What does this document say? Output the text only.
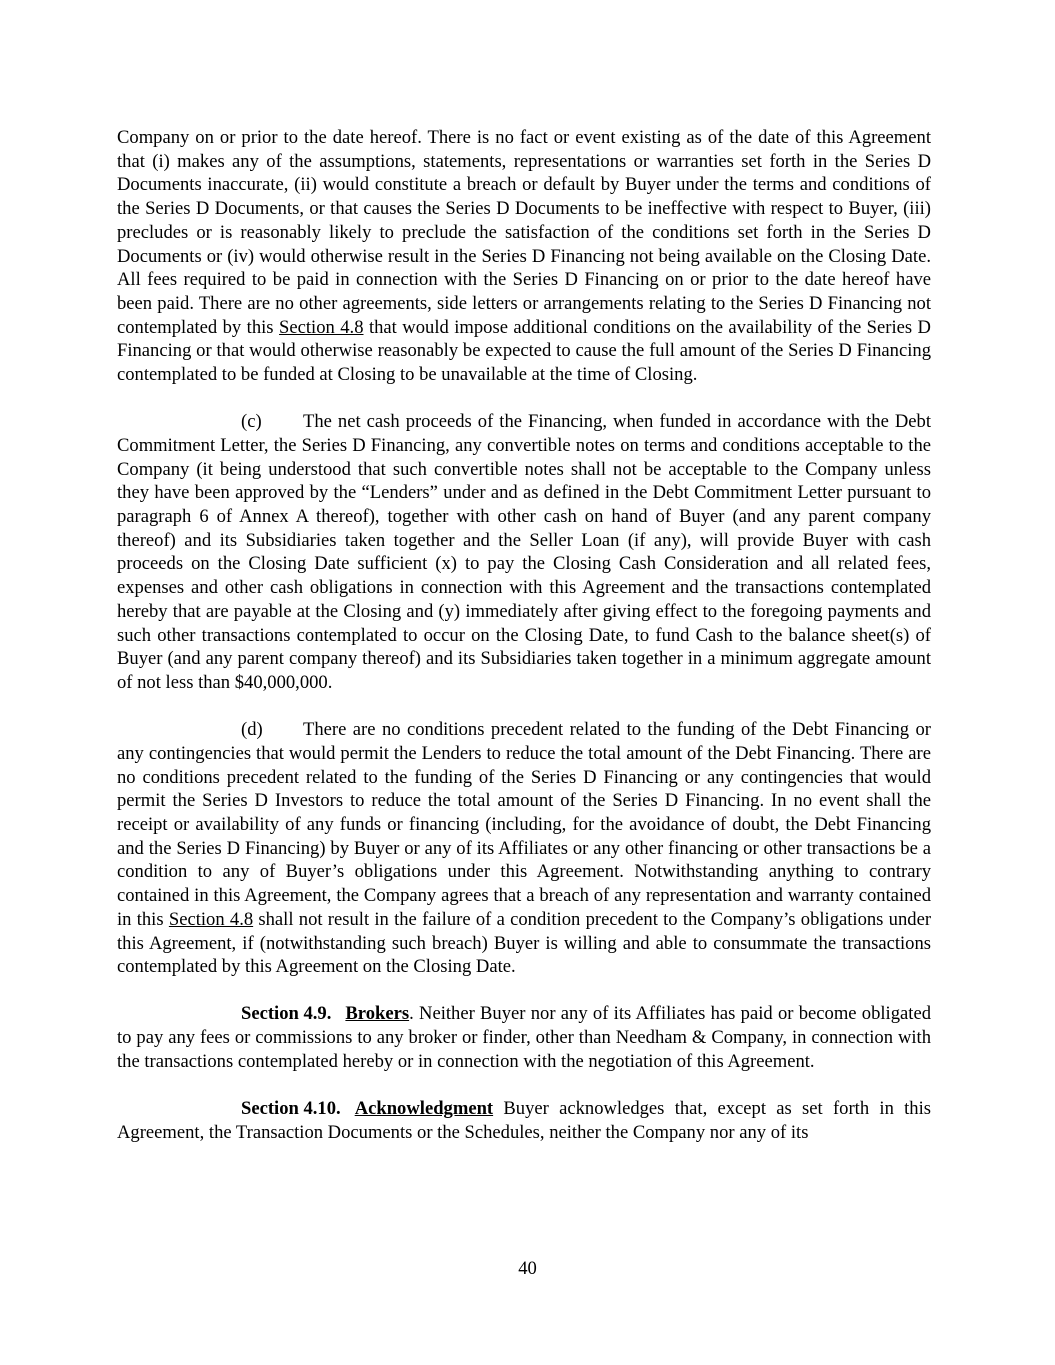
Company on or prior to the date hereof. There is no fact or event existing as of the date of this Agreement that (i) makes any of the assumptions, statements, representations or warranties set forth in the Series D Documents inaccurate, (ii) would constitute a breach or default by Buyer under the terms and conditions of the Series D Documents, or that causes the Series D Documents to be ineffective with respect to Buyer, (iii) precludes or is reasonably likely to preclude the satisfaction of the conditions set forth in the Series D Documents or (iv) would otherwise result in the Series D Financing not being available on the Closing Date. All fees required to be paid in connection with the Series D Financing on or prior to the date hereof have been paid. There are no other agreements, side letters or arrangements relating to the Series D Financing not contemplated by this Section 4.8 that would impose additional conditions on the availability of the Series D Financing or that would otherwise reasonably be expected to cause the full amount of the Series D Financing contemplated to be funded at Closing to be unavailable at the time of Closing.

(c) The net cash proceeds of the Financing, when funded in accordance with the Debt Commitment Letter, the Series D Financing, any convertible notes on terms and conditions acceptable to the Company (it being understood that such convertible notes shall not be acceptable to the Company unless they have been approved by the “Lenders” under and as defined in the Debt Commitment Letter pursuant to paragraph 6 of Annex A thereof), together with other cash on hand of Buyer (and any parent company thereof) and its Subsidiaries taken together and the Seller Loan (if any), will provide Buyer with cash proceeds on the Closing Date sufficient (x) to pay the Closing Cash Consideration and all related fees, expenses and other cash obligations in connection with this Agreement and the transactions contemplated hereby that are payable at the Closing and (y) immediately after giving effect to the foregoing payments and such other transactions contemplated to occur on the Closing Date, to fund Cash to the balance sheet(s) of Buyer (and any parent company thereof) and its Subsidiaries taken together in a minimum aggregate amount of not less than $40,000,000.

(d) There are no conditions precedent related to the funding of the Debt Financing or any contingencies that would permit the Lenders to reduce the total amount of the Debt Financing. There are no conditions precedent related to the funding of the Series D Financing or any contingencies that would permit the Series D Investors to reduce the total amount of the Series D Financing. In no event shall the receipt or availability of any funds or financing (including, for the avoidance of doubt, the Debt Financing and the Series D Financing) by Buyer or any of its Affiliates or any other financing or other transactions be a condition to any of Buyer’s obligations under this Agreement. Notwithstanding anything to contrary contained in this Agreement, the Company agrees that a breach of any representation and warranty contained in this Section 4.8 shall not result in the failure of a condition precedent to the Company’s obligations under this Agreement, if (notwithstanding such breach) Buyer is willing and able to consummate the transactions contemplated by this Agreement on the Closing Date.

Section 4.9. Brokers. Neither Buyer nor any of its Affiliates has paid or become obligated to pay any fees or commissions to any broker or finder, other than Needham & Company, in connection with the transactions contemplated hereby or in connection with the negotiation of this Agreement.

Section 4.10. Acknowledgment Buyer acknowledges that, except as set forth in this Agreement, the Transaction Documents or the Schedules, neither the Company nor any of its

40
